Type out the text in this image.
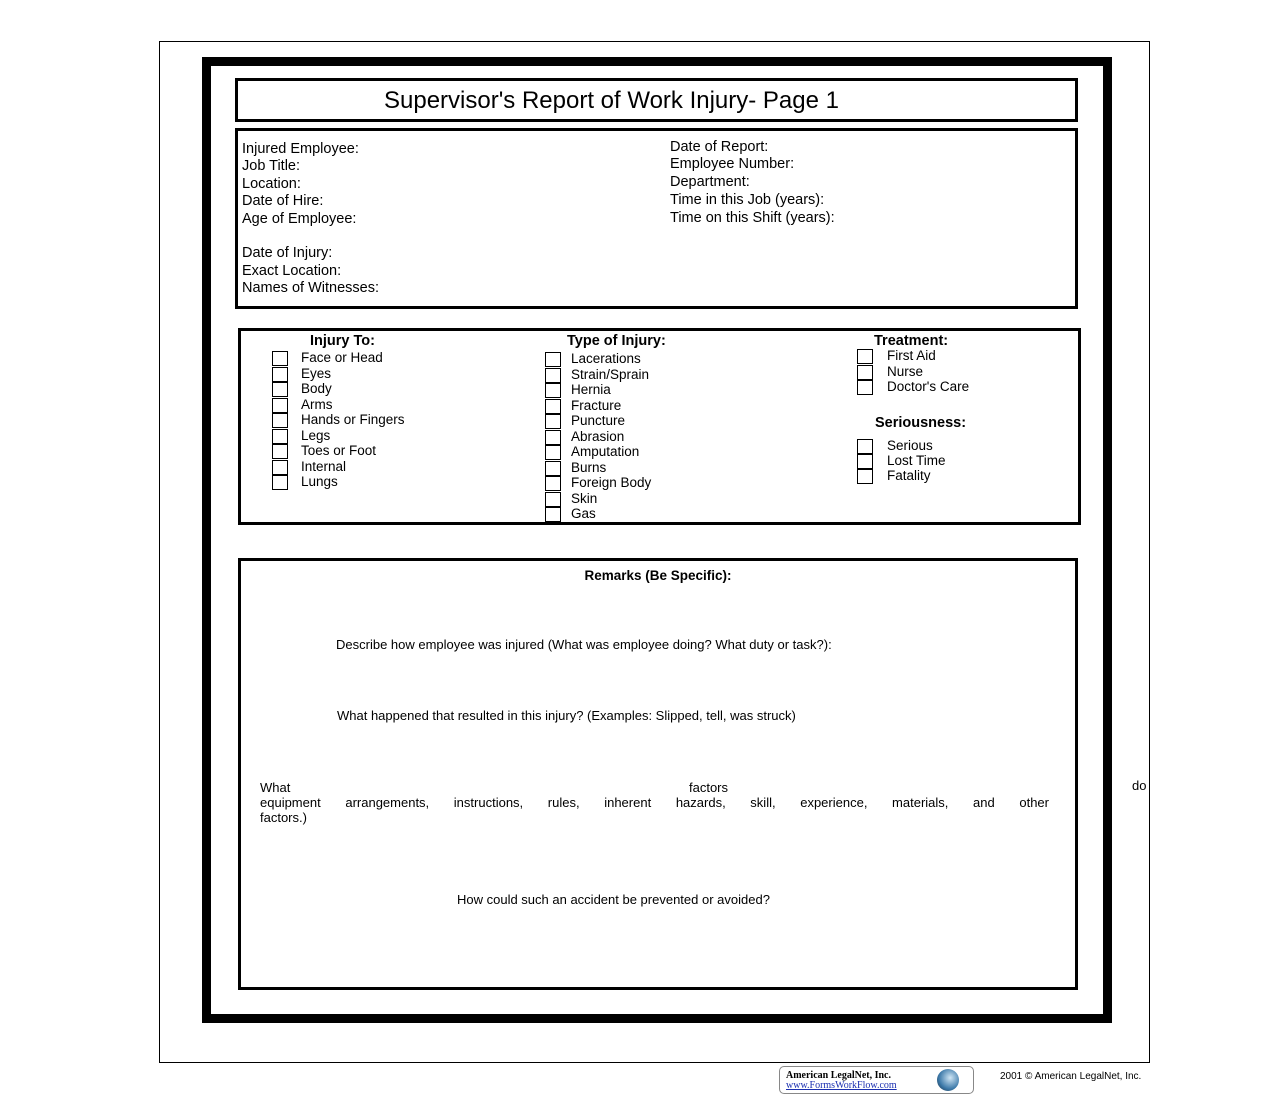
Supervisor's Report of Work Injury- Page 1
Injured Employee:
Job Title:
Location:
Date of Hire:
Age of Employee:
Date of Injury:
Exact Location:
Names of Witnesses:
Date of Report:
Employee Number:
Department:
Time in this Job (years):
Time on this Shift (years):
Injury To:	Type of Injury:	Treatment:
Seriousness:
Face or Head
Eyes
Body
Arms
Hands or Fingers
Legs
Toes or Foot
Internal
Lungs
Lacerations
Strain/Sprain
Hernia
Fracture
Puncture
Abrasion
Amputation
Burns
Foreign Body
Skin
Gas
First Aid
Nurse
Doctor's Care
Serious
Lost Time
Fatality
Remarks (Be Specific):
Describe how employee was injured (What was employee doing? What duty or task?):
What happened that resulted in this injury? (Examples: Slipped, tell, was struck)
What	factors
equipment arrangements, instructions, rules, inherent hazards, skill, experience, materials, and other
factors.)
How could such an accident be prevented or avoided?
do
American LegalNet, Inc.
www.FormsWorkFlow.com
2001 © American LegalNet, Inc.
